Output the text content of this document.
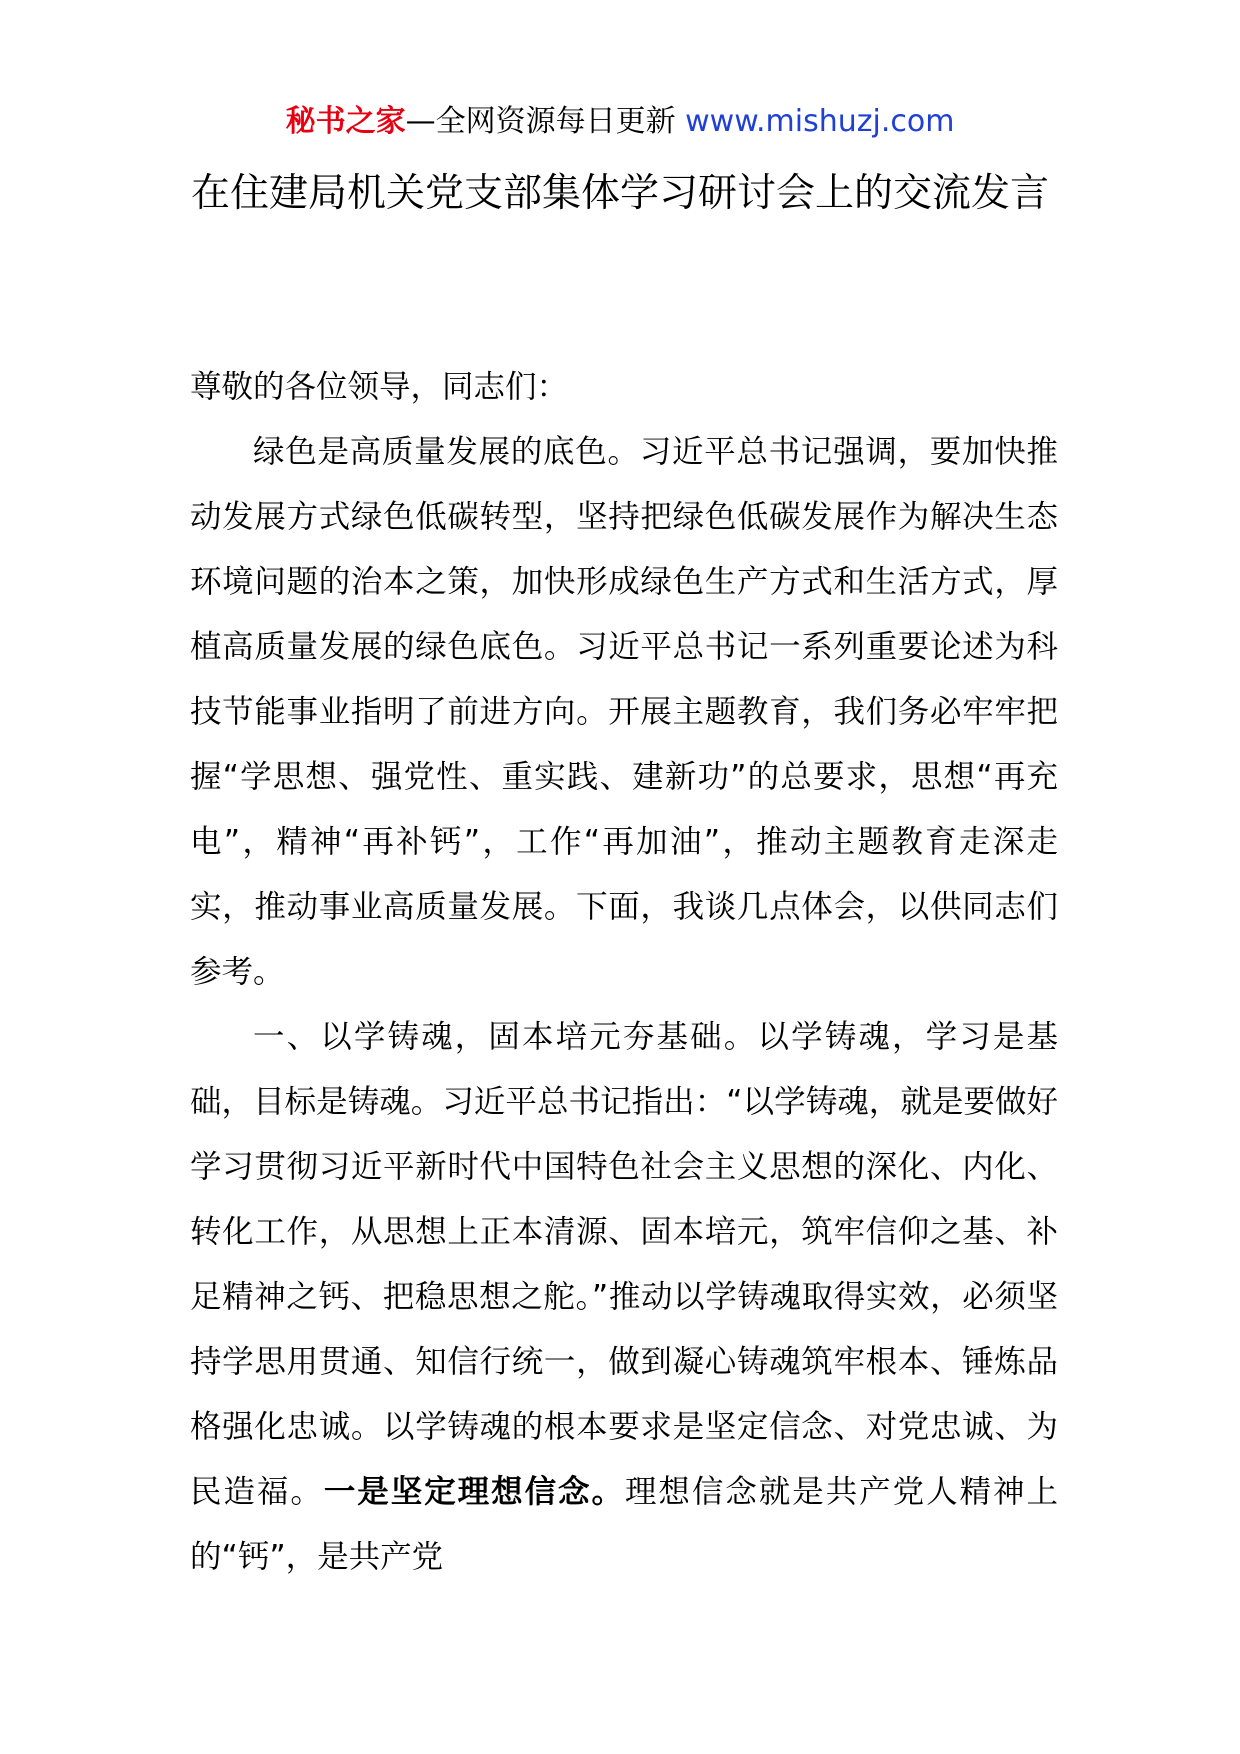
秘书之家—全网资源每日更新 www.mishuzj.com
在住建局机关党支部集体学习研讨会上的交流发言

尊敬的各位领导，同志们：

绿色是高质量发展的底色。习近平总书记强调，要加快推动发展方式绿色低碳转型，坚持把绿色低碳发展作为解决生态环境问题的治本之策，加快形成绿色生产方式和生活方式，厚植高质量发展的绿色底色。习近平总书记一系列重要论述为科技节能事业指明了前进方向。开展主题教育，我们务必牢牢把握“学思想、强党性、重实践、建新功”的总要求，思想“再充电”，精神“再补钙”，工作“再加油”，推动主题教育走深走实，推动事业高质量发展。下面，我谈几点体会，以供同志们参考。

一、以学铸魂，固本培元夯基础。以学铸魂，学习是基础，目标是铸魂。习近平总书记指出：“以学铸魂，就是要做好学习贯彻习近平新时代中国特色社会主义思想的深化、内化、转化工作，从思想上正本清源、固本培元，筑牢信仰之基、补足精神之钙、把稳思想之舵。”推动以学铸魂取得实效，必须坚持学思用贯通、知信行统一，做到凝心铸魂筑牢根本、锤炼品格强化忠诚。以学铸魂的根本要求是坚定信念、对党忠诚、为民造福。一是坚定理想信念。理想信念就是共产党人精神上的“钙”，是共产党
